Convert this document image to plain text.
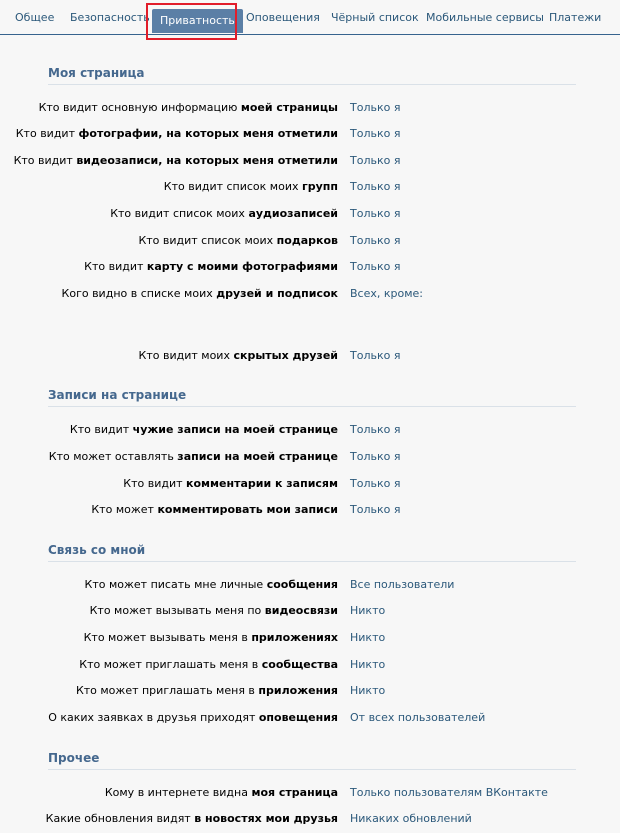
Общее Безопасность Приватность	Оповещения Чёрный список Мобильные сервисы Платежи
Моя страница
Кто видит основную информацию моей страницы Только я
Кто видит фотографии, на которых меня отметили Только я
Кто видит видеозаписи, на которых меня отметили Только я
Кто видит список моих групп Только я
Кто видит список моих аудиозаписей Только я
Кто видит список моих подарков Только я
Кто видит карту с моими фотографиями Только я
Кого видно в списке моих друзей и подписок Всех, кроме:
Кто видит моих скрытых друзей Только я
Записи на странице
Кто видит чужие записи на моей странице Только я
Кто может оставлять записи на моей странице Только я
Кто видит комментарии к записям Только я
Кто может комментировать мои записи Только я
Связь со мной
Кто может писать мне личные сообщения Все пользователи
Кто может вызывать меня по видеосвязи Никто
Кто может вызывать меня в приложениях Никто
Кто может приглашать меня в сообщества Никто
Кто может приглашать меня в приложения Никто
О каких заявках в друзья приходят оповещения От всех пользователей
Прочее
Кому в интернете видна моя страница Только пользователям ВКонтакте
Какие обновления видят в новостях мои друзья Никаких обновлений
